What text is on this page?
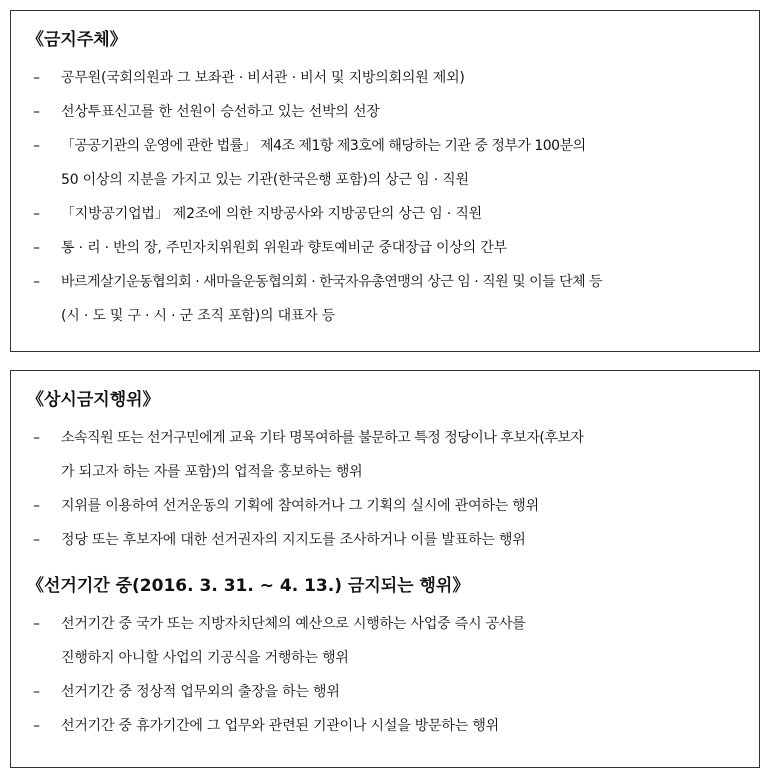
《금지주체》

– 공무원(국회의원과 그 보좌관 · 비서관 · 비서 및 지방의회의원 제외)
– 선상투표신고를 한 선원이 승선하고 있는 선박의 선장
– 「공공기관의 운영에 관한 법률」 제4조 제1항 제3호에 해당하는 기관 중 정부가 100분의
50 이상의 지분을 가지고 있는 기관(한국은행 포함)의 상근 임 · 직원
– 「지방공기업법」 제2조에 의한 지방공사와 지방공단의 상근 임 · 직원
– 통 · 리 · 반의 장, 주민자치위원회 위원과 향토예비군 중대장급 이상의 간부
– 바르게살기운동협의회 · 새마을운동협의회 · 한국자유총연맹의 상근 임 · 직원 및 이들 단체 등
(시 · 도 및 구 · 시 · 군 조직 포함)의 대표자 등

《상시금지행위》

– 소속직원 또는 선거구민에게 교육 기타 명목여하를 불문하고 특정 정당이나 후보자(후보자
가 되고자 하는 자를 포함)의 업적을 홍보하는 행위
– 지위를 이용하여 선거운동의 기획에 참여하거나 그 기획의 실시에 관여하는 행위
– 정당 또는 후보자에 대한 선거권자의 지지도를 조사하거나 이를 발표하는 행위

《선거기간 중(2016. 3. 31. ~ 4. 13.) 금지되는 행위》

– 선거기간 중 국가 또는 지방자치단체의 예산으로 시행하는 사업중 즉시 공사를
진행하지 아니할 사업의 기공식을 거행하는 행위
– 선거기간 중 정상적 업무외의 출장을 하는 행위
– 선거기간 중 휴가기간에 그 업무와 관련된 기관이나 시설을 방문하는 행위
